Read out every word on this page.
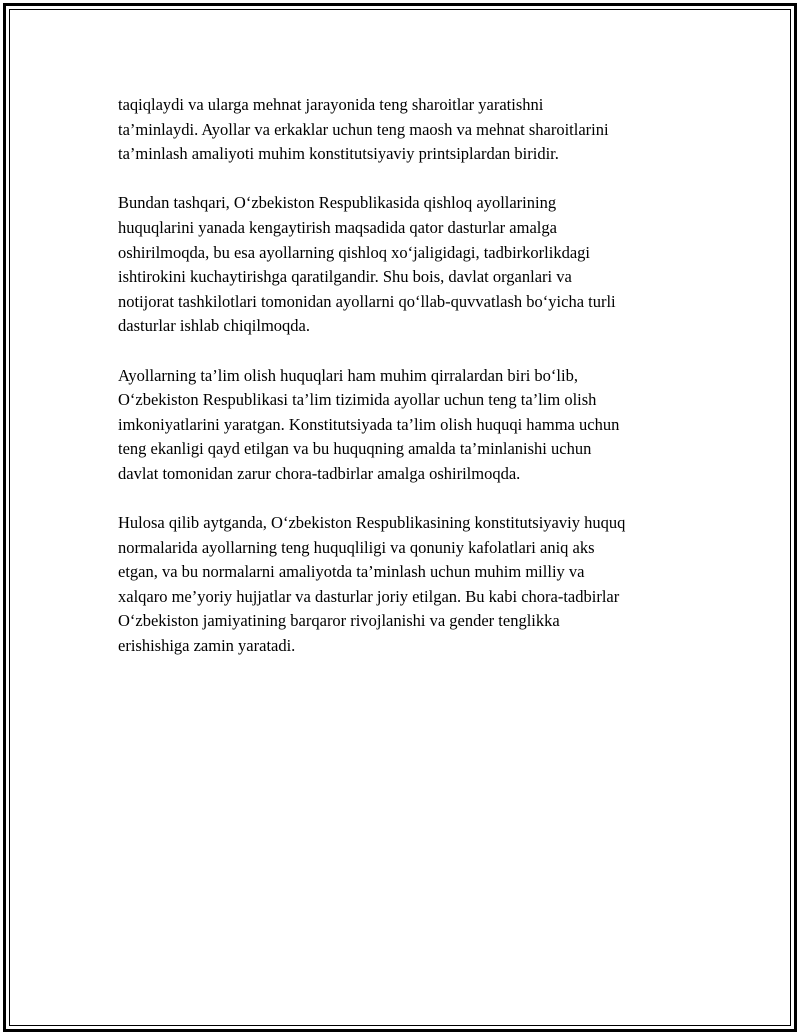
taqiqlaydi va ularga mehnat jarayonida teng sharoitlar yaratishni
ta’minlaydi. Ayollar va erkaklar uchun teng maosh va mehnat sharoitlarini
ta’minlash amaliyoti muhim konstitutsiyaviy printsiplardan biridir.

Bundan tashqari, O‘zbekiston Respublikasida qishloq ayollarining
huquqlarini yanada kengaytirish maqsadida qator dasturlar amalga
oshirilmoqda, bu esa ayollarning qishloq xo‘jaligidagi, tadbirkorlikdagi
ishtirokini kuchaytirishga qaratilgandir. Shu bois, davlat organlari va
notijorat tashkilotlari tomonidan ayollarni qo‘llab-quvvatlash bo‘yicha turli
dasturlar ishlab chiqilmoqda.

Ayollarning ta’lim olish huquqlari ham muhim qirralardan biri bo‘lib,
O‘zbekiston Respublikasi ta’lim tizimida ayollar uchun teng ta’lim olish
imkoniyatlarini yaratgan. Konstitutsiyada ta’lim olish huquqi hamma uchun
teng ekanligi qayd etilgan va bu huquqning amalda ta’minlanishi uchun
davlat tomonidan zarur chora-tadbirlar amalga oshirilmoqda.

Hulosa qilib aytganda, O‘zbekiston Respublikasining konstitutsiyaviy huquq
normalarida ayollarning teng huquqliligi va qonuniy kafolatlari aniq aks
etgan, va bu normalarni amaliyotda ta’minlash uchun muhim milliy va
xalqaro me’yoriy hujjatlar va dasturlar joriy etilgan. Bu kabi chora-tadbirlar
O‘zbekiston jamiyatining barqaror rivojlanishi va gender tenglikka
erishishiga zamin yaratadi.
